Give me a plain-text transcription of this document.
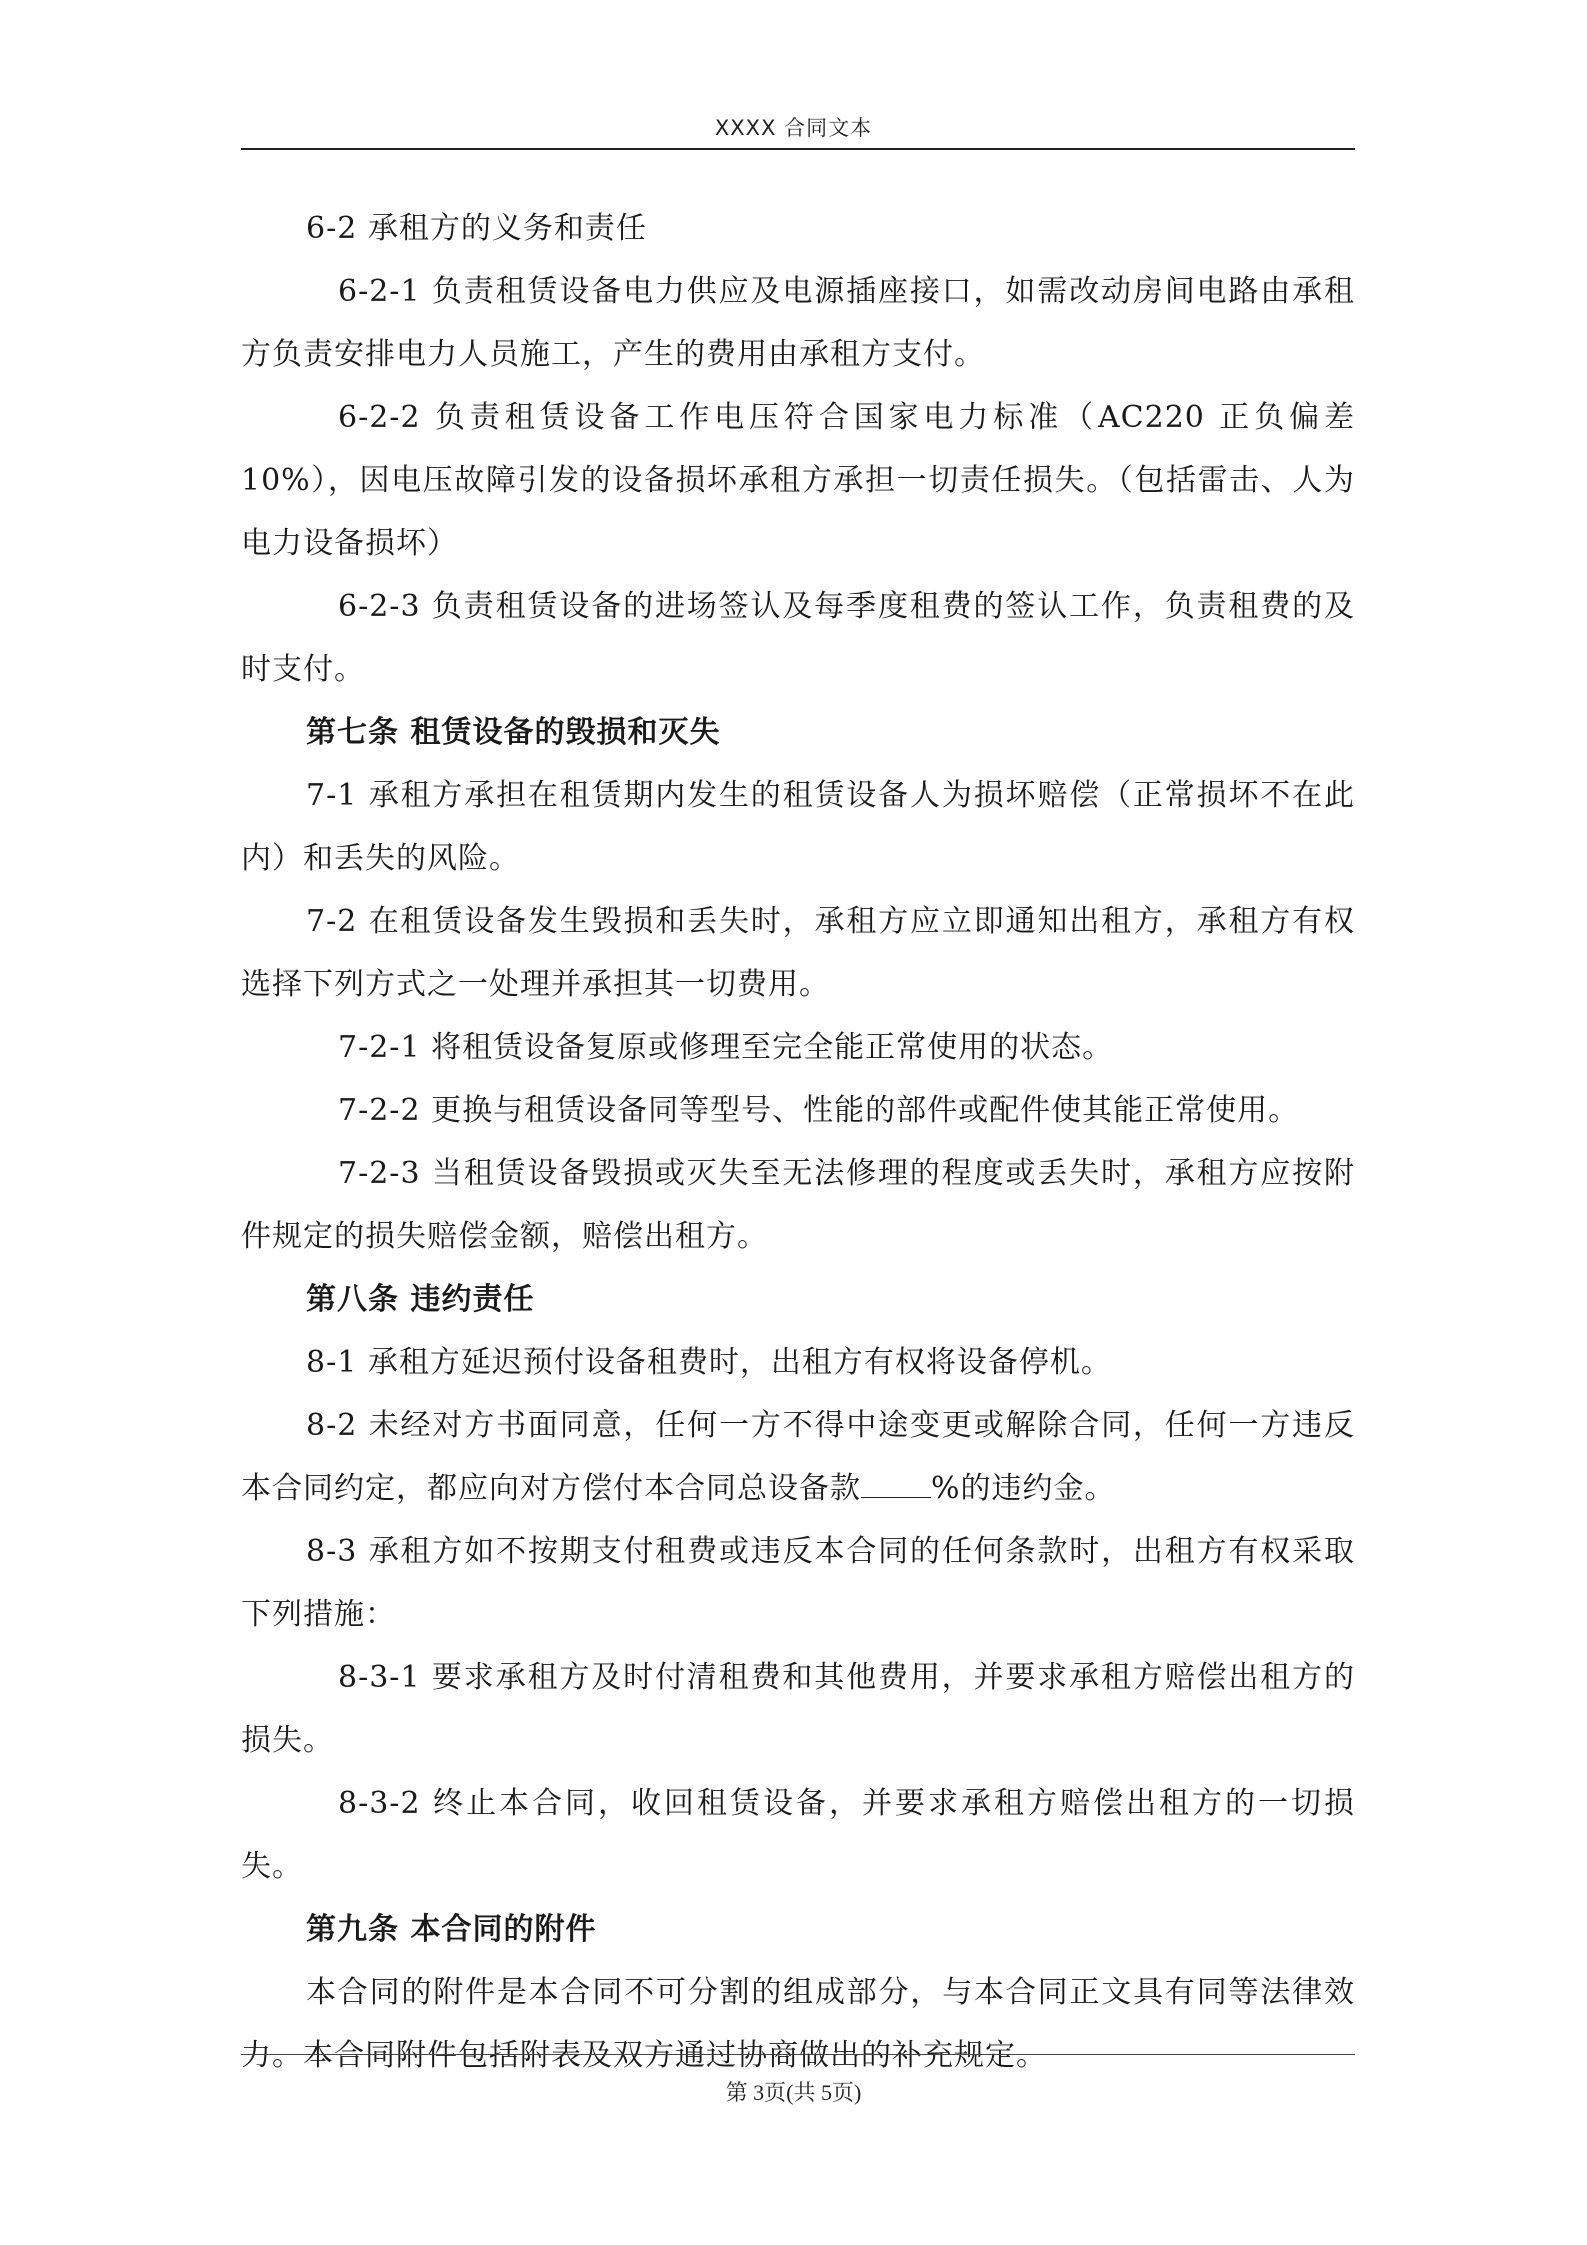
XXXX 合同文本

6-2 承租方的义务和责任

6-2-1 负责租赁设备电力供应及电源插座接口，如需改动房间电路由承租方负责安排电力人员施工，产生的费用由承租方支付。

6-2-2 负责租赁设备工作电压符合国家电力标准（AC220 正负偏差 10%），因电压故障引发的设备损坏承租方承担一切责任损失。（包括雷击、人为电力设备损坏）

6-2-3 负责租赁设备的进场签认及每季度租费的签认工作，负责租费的及时支付。

第七条 租赁设备的毁损和灭失

7-1 承租方承担在租赁期内发生的租赁设备人为损坏赔偿（正常损坏不在此内）和丢失的风险。

7-2 在租赁设备发生毁损和丢失时，承租方应立即通知出租方，承租方有权选择下列方式之一处理并承担其一切费用。

7-2-1 将租赁设备复原或修理至完全能正常使用的状态。

7-2-2 更换与租赁设备同等型号、性能的部件或配件使其能正常使用。

7-2-3 当租赁设备毁损或灭失至无法修理的程度或丢失时，承租方应按附件规定的损失赔偿金额，赔偿出租方。

第八条 违约责任

8-1 承租方延迟预付设备租费时，出租方有权将设备停机。

8-2 未经对方书面同意，任何一方不得中途变更或解除合同，任何一方违反本合同约定，都应向对方偿付本合同总设备款 %的违约金。

8-3 承租方如不按期支付租费或违反本合同的任何条款时，出租方有权采取下列措施：

8-3-1 要求承租方及时付清租费和其他费用，并要求承租方赔偿出租方的损失。

8-3-2 终止本合同，收回租赁设备，并要求承租方赔偿出租方的一切损失。

第九条 本合同的附件

本合同的附件是本合同不可分割的组成部分，与本合同正文具有同等法律效力。本合同附件包括附表及双方通过协商做出的补充规定。

第 3页(共 5页)
